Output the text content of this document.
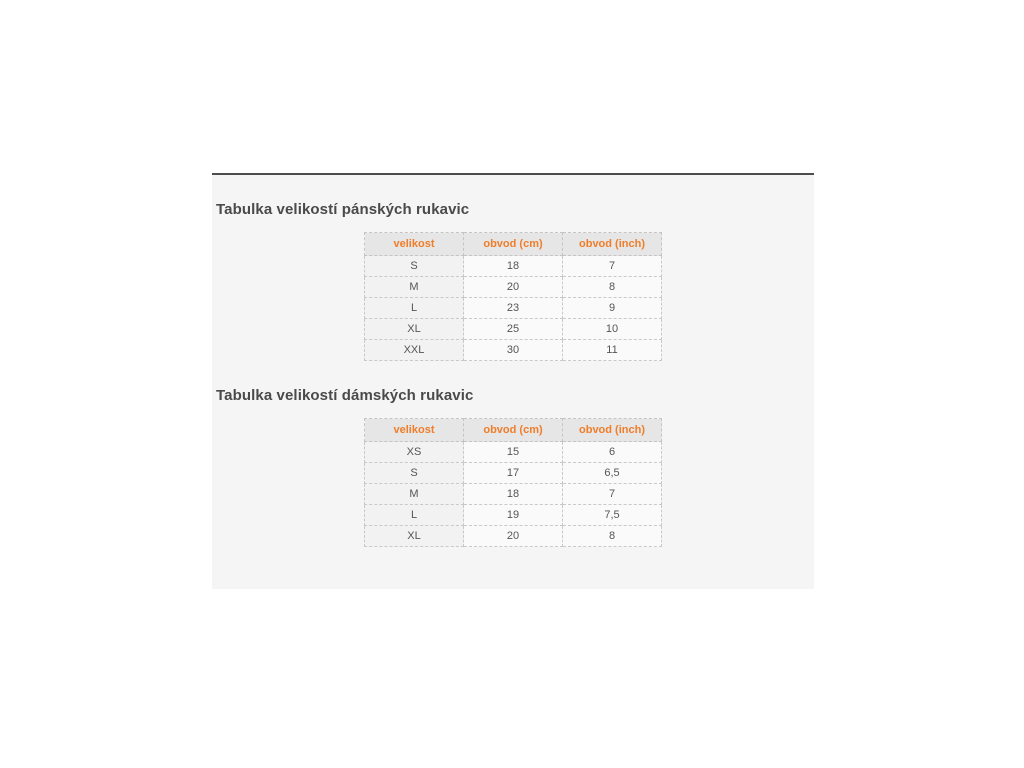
Tabulka velikostí pánských rukavic
velikost	obvod (cm)	obvod (inch)
S	18	7
M	20	8
L	23	9
XL	25	10
XXL	30	11
Tabulka velikostí dámských rukavic
velikost	obvod (cm)	obvod (inch)
XS	15	6
S	17	6,5
M	18	7
L	19	7,5
XL	20	8
